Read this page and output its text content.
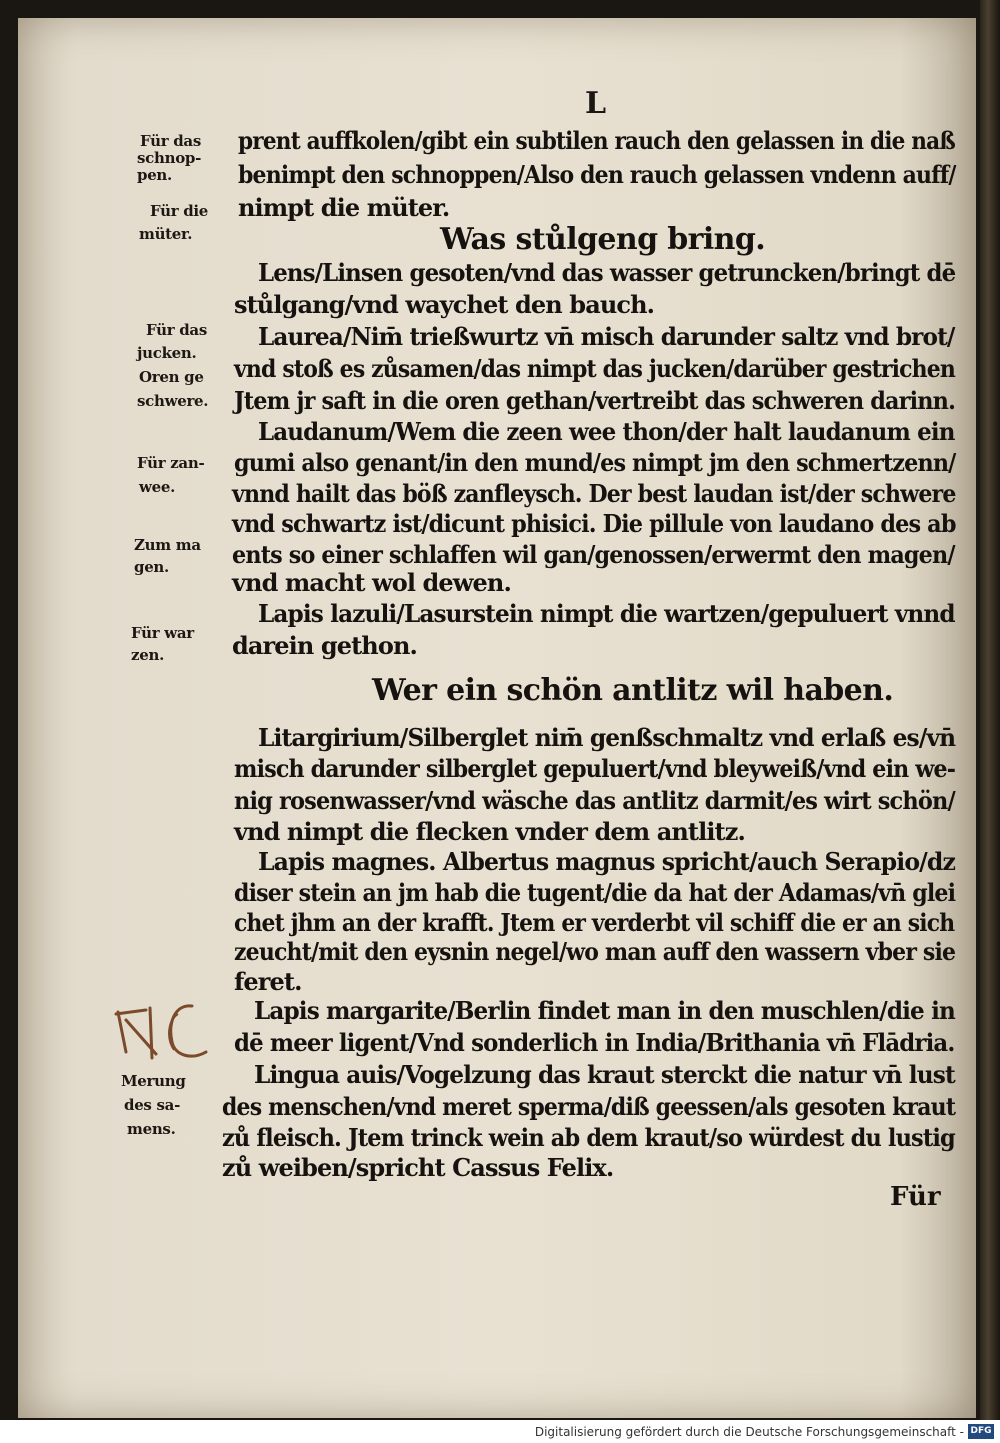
L
Für das
schnop-
pen.
Für die
müter.
Für das
jucken.
Oren ge
schwere.
Für zan-
wee.
Zum ma
gen.
Für war
zen.
Merung
des sa-
mens.
prent auffkolen/gibt ein subtilen rauch den gelassen in die naß
benimpt den schnoppen/Also den rauch gelassen vndenn auff/
nimpt die müter.
Was stůlgeng bring.
Lens/Linsen gesoten/vnd das wasser getruncken/bringt dē
stůlgang/vnd waychet den bauch.
Laurea/Nim̄ trießwurtz vn̄ misch darunder saltz vnd brot/
vnd stoß es zůsamen/das nimpt das jucken/darüber gestrichen
Jtem jr saft in die oren gethan/vertreibt das schweren darinn.
Laudanum/Wem die zeen wee thon/der halt laudanum ein
gumi also genant/in den mund/es nimpt jm den schmertzenn/
vnnd hailt das böß zanfleysch. Der best laudan ist/der schwere
vnd schwartz ist/dicunt phisici. Die pillule von laudano des ab
ents so einer schlaffen wil gan/genossen/erwermt den magen/
vnd macht wol dewen.
Lapis lazuli/Lasurstein nimpt die wartzen/gepuluert vnnd
darein gethon.
Wer ein schön antlitz wil haben.
Litargirium/Silberglet nim̄ genßschmaltz vnd erlaß es/vn̄
misch darunder silberglet gepuluert/vnd bleyweiß/vnd ein we-
nig rosenwasser/vnd wäsche das antlitz darmit/es wirt schön/
vnd nimpt die flecken vnder dem antlitz.
Lapis magnes. Albertus magnus spricht/auch Serapio/dz
diser stein an jm hab die tugent/die da hat der Adamas/vn̄ glei
chet jhm an der krafft. Jtem er verderbt vil schiff die er an sich
zeucht/mit den eysnin negel/wo man auff den wassern vber sie
feret.
Lapis margarite/Berlin findet man in den muschlen/die in
dē meer ligent/Vnd sonderlich in India/Brithania vn̄ Flādria.
Lingua auis/Vogelzung das kraut sterckt die natur vn̄ lust
des menschen/vnd meret sperma/diß geessen/als gesoten kraut
zů fleisch. Jtem trinck wein ab dem kraut/so würdest du lustig
zů weiben/spricht Cassus Felix.
Für
Digitalisierung gefördert durch die Deutsche Forschungsgemeinschaft - DFG
